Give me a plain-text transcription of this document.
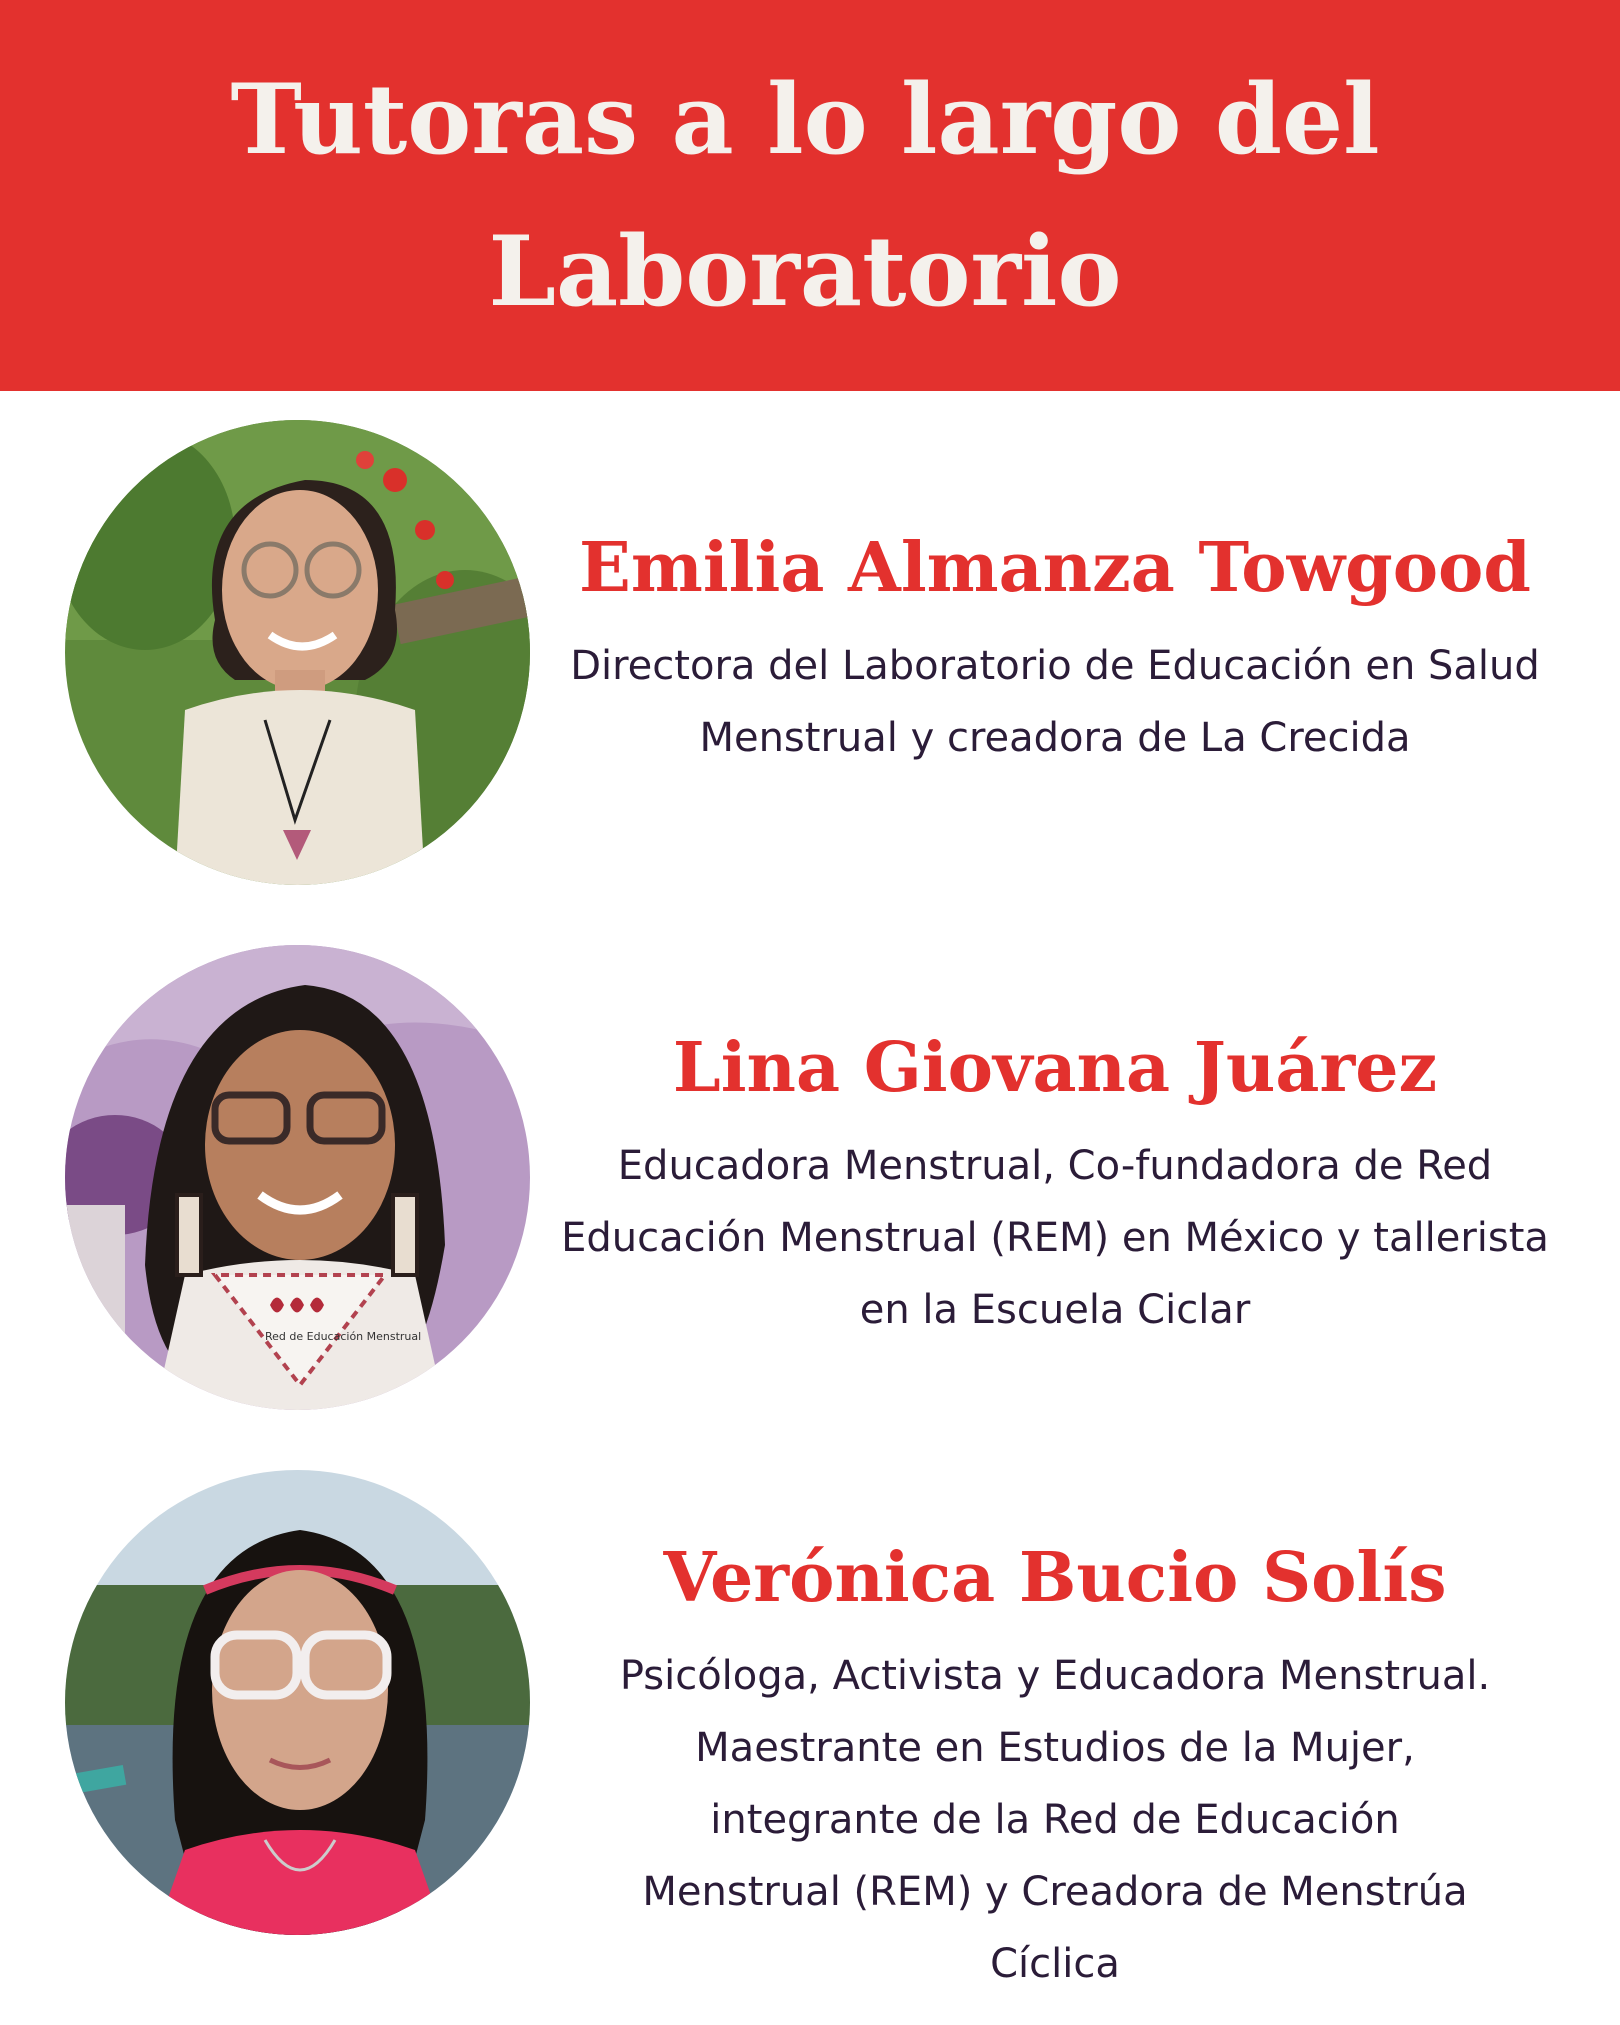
Tutoras a lo largo del Laboratorio
Emilia Almanza Towgood

Directora del Laboratorio de Educación en Salud Menstrual y creadora de La Crecida

Red de Educación Menstrual
Lina Giovana Juárez

Educadora Menstrual, Co-fundadora de Red Educación Menstrual (REM) en México y tallerista en la Escuela Ciclar

Verónica Bucio Solís

Psicóloga, Activista y Educadora Menstrual. Maestrante en Estudios de la Mujer, integrante de la Red de Educación Menstrual (REM) y Creadora de Menstrúa Cíclica
